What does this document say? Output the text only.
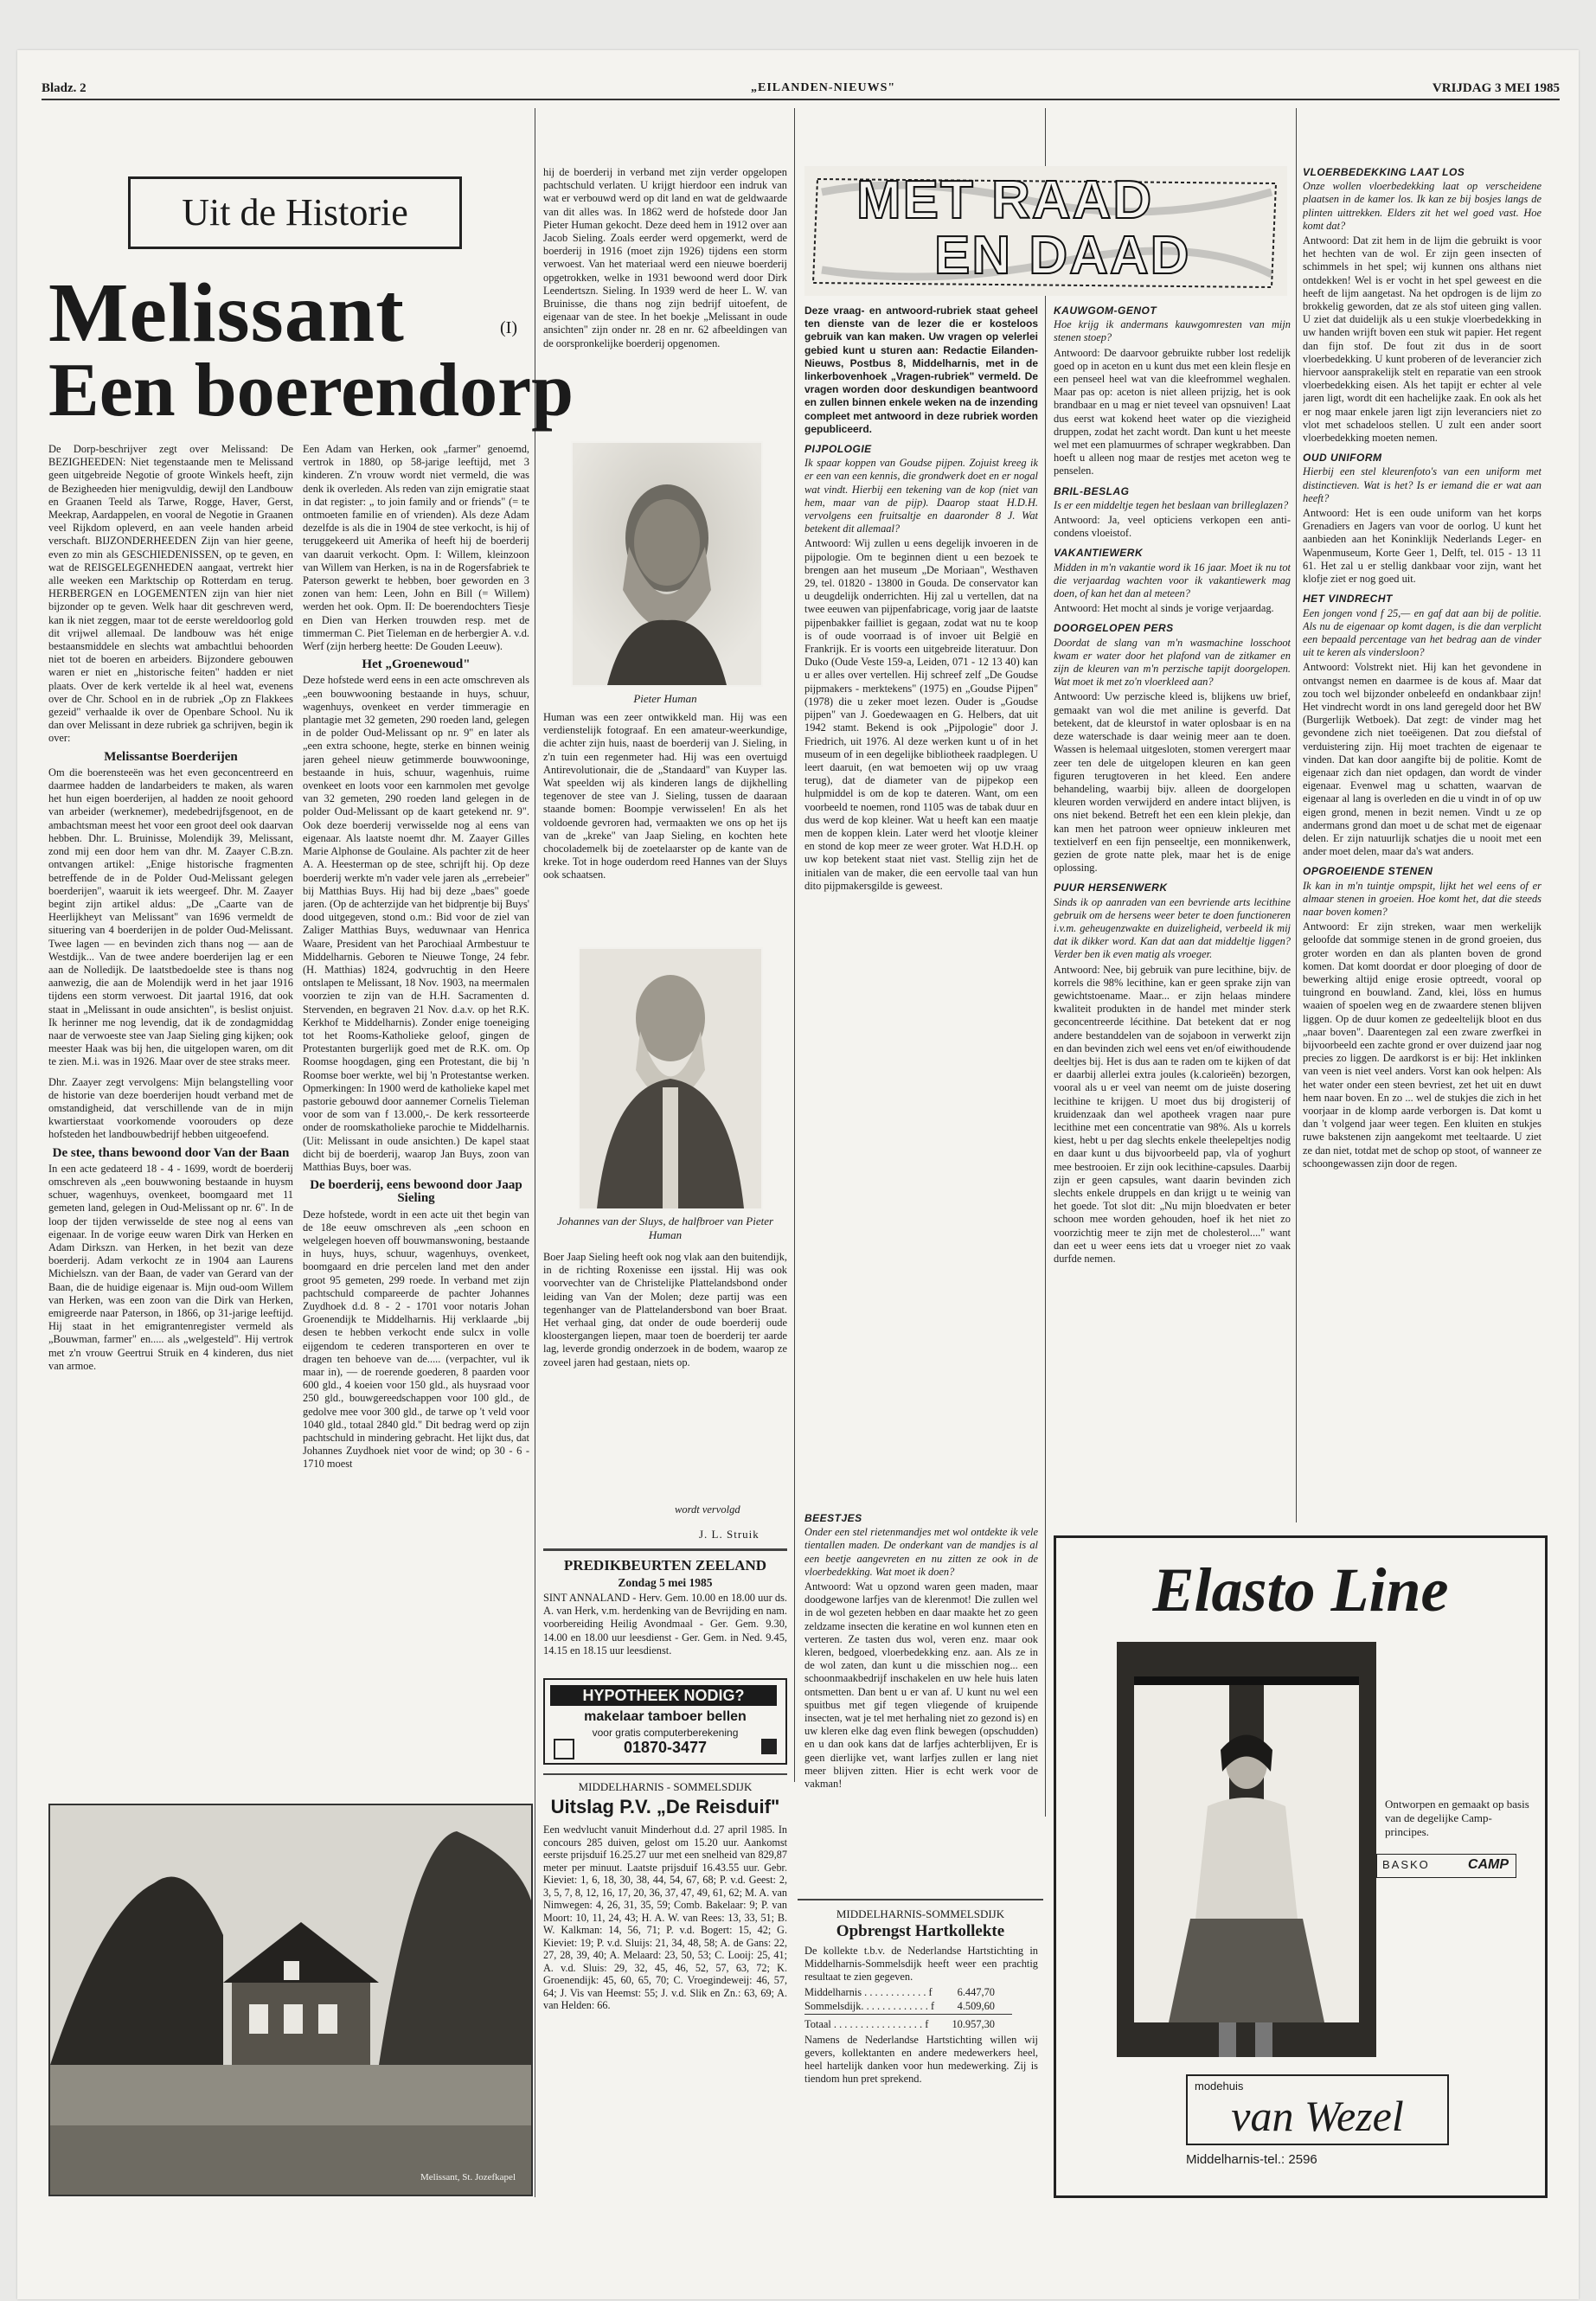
Bladz. 2	„EILANDEN-NIEUWS"	VRIJDAG 3 MEI 1985
Uit de Historie
Melissant
Een boerendorp
(I)

De Dorp-beschrijver zegt over Melissand: De BEZIGHEEDEN: Niet tegenstaande men te Melissand geen uitgebreide Negotie of groote Winkels heeft, zijn de Bezigheeden hier menigvuldig, dewijl den Landbouw en Graanen Teeld als Tarwe, Rogge, Haver, Gerst, Meekrap, Aardappelen, en vooral de Negotie in Graanen veel Rijkdom opleverd, en aan veele handen arbeid verschaft. BIJZONDERHEEDEN Zijn van hier geene, even zo min als GESCHIEDENISSEN, op te geven, en wat de REISGELEGENHEDEN aangaat, vertrekt hier alle weeken een Marktschip op Rotterdam en terug. HERBERGEN en LOGEMENTEN zijn van hier niet bijzonder op te geven. Welk haar dit geschreven werd, kan ik niet zeggen, maar tot de eerste wereldoorlog gold dit vrijwel allemaal. De landbouw was hét enige bestaansmiddele en slechts wat ambachtlui behoorden niet tot de boeren en arbeiders. Bijzondere gebouwen waren er niet en „historische feiten" hadden er niet plaats. Over de kerk vertelde ik al heel wat, evenens over de Chr. School en in de rubriek „Op zn Flakkees gezeid" verhaalde ik over de Openbare School. Nu ik dan over Melissant in deze rubriek ga schrijven, begin ik over:

Melissantse Boerderijen

Om die boerensteeën was het even geconcentreerd en daarmee hadden de landarbeiders te maken, als waren het hun eigen boerderijen, al hadden ze nooit gehoord van arbeider (werknemer), medebedrijfsgenoot, en de ambachtsman meest het voor een groot deel ook daarvan hebben. Dhr. L. Bruinisse, Molendijk 39, Melissant, zond mij een door hem van dhr. M. Zaayer C.B.zn. ontvangen artikel: „Enige historische fragmenten betreffende de in de Polder Oud-Melissant gelegen boerderijen", waaruit ik iets weergeef. Dhr. M. Zaayer begint zijn artikel aldus: „De „Caarte van de Heerlijkheyt van Melissant" van 1696 vermeldt de situering van 4 boerderijen in de polder Oud-Melissant. Twee lagen — en bevinden zich thans nog — aan de Westdijk... Van de twee andere boerderijen lag er een aan de Nolledijk. De laatstbedoelde stee is thans nog aanwezig, die aan de Molendijk werd in het jaar 1916 tijdens een storm verwoest. Dit jaartal 1916, dat ook staat in „Melissant in oude ansichten", is beslist onjuist. Ik herinner me nog levendig, dat ik de zondagmiddag naar de verwoeste stee van Jaap Sieling ging kijken; ook meester Haak was bij hen, die uitgelopen waren, om dit te zien. M.i. was in 1926. Maar over de stee straks meer.

Dhr. Zaayer zegt vervolgens: Mijn belangstelling voor de historie van deze boerderijen houdt verband met de omstandigheid, dat verschillende van de in mijn kwartierstaat voorkomende voorouders op deze hofsteden het landbouwbedrijf hebben uitgeoefend.

De stee, thans bewoond door Van der Baan

In een acte gedateerd 18 - 4 - 1699, wordt de boerderij omschreven als „een bouwwoning bestaande in huysm schuer, wagenhuys, ovenkeet, boomgaard met 11 gemeten land, gelegen in Oud-Melissant op nr. 6". In de loop der tijden verwisselde de stee nog al eens van eigenaar. In de vorige eeuw waren Dirk van Herken en Adam Dirkszn. van Herken, in het bezit van deze boerderij. Adam verkocht ze in 1904 aan Laurens Michielszn. van der Baan, de vader van Gerard van der Baan, die de huidige eigenaar is. Mijn oud-oom Willem van Herken, was een zoon van die Dirk van Herken, emigreerde naar Paterson, in 1866, op 31-jarige leeftijd. Hij staat in het emigrantenregister vermeld als „Bouwman, farmer" en..... als „welgesteld". Hij vertrok met z'n vrouw Geertrui Struik en 4 kinderen, dus niet van armoe.

Een Adam van Herken, ook „farmer" genoemd, vertrok in 1880, op 58-jarige leeftijd, met 3 kinderen. Z'n vrouw wordt niet vermeld, die was denk ik overleden. Als reden van zijn emigratie staat in dat register: „ to join family and or friends" (= te ontmoeten familie en of vrienden). Als deze Adam dezelfde is als die in 1904 de stee verkocht, is hij of teruggekeerd uit Amerika of heeft hij de boerderij van daaruit verkocht. Opm. I: Willem, kleinzoon van Willem van Herken, is na in de Rogersfabriek te Paterson gewerkt te hebben, boer geworden en 3 zonen van hem: Leen, John en Bill (= Willem) werden het ook. Opm. II: De boerendochters Tiesje en Dien van Herken trouwden resp. met de timmerman C. Piet Tieleman en de herbergier A. v.d. Werf (zijn herberg heette: De Gouden Leeuw).

Het „Groenewoud"

Deze hofstede werd eens in een acte omschreven als „een bouwwooning bestaande in huys, schuur, wagenhuys, ovenkeet en verder timmeragie en plantagie met 32 gemeten, 290 roeden land, gelegen in de polder Oud-Melissant op nr. 9" en later als „een extra schoone, hegte, sterke en binnen weinig jaren geheel nieuw getimmerde bouwwooninge, bestaande in huis, schuur, wagenhuis, ruime ovenkeet en loots voor een karnmolen met gevolge van 32 gemeten, 290 roeden land gelegen in de polder Oud-Melissant op de kaart getekend nr. 9". Ook deze boerderij verwisselde nog al eens van eigenaar. Als laatste noemt dhr. M. Zaayer Gilles Marie Alphonse de Goulaine. Als pachter zit de heer A. A. Heesterman op de stee, schrijft hij. Op deze boerderij werkte m'n vader vele jaren als „errebeier" bij Matthias Buys. Hij had bij deze „baes" goede jaren. (Op de achterzijde van het bidprentje bij Buys' dood uitgegeven, stond o.m.: Bid voor de ziel van Zaliger Matthias Buys, weduwnaar van Henrica Waare, President van het Parochiaal Armbestuur te Middelharnis. Geboren te Nieuwe Tonge, 24 febr. (H. Matthias) 1824, godvruchtig in den Heere ontslapen te Melissant, 18 Nov. 1903, na meermalen voorzien te zijn van de H.H. Sacramenten d. Stervenden, en begraven 21 Nov. d.a.v. op het R.K. Kerkhof te Middelharnis). Zonder enige toeneiging tot het Rooms-Katholieke geloof, gingen de Protestanten burgerlijk goed met de R.K. om. Op Roomse hoogdagen, ging een Protestant, die bij 'n Roomse boer werkte, wel bij 'n Protestantse werken. Opmerkingen: In 1900 werd de katholieke kapel met pastorie gebouwd door aannemer Cornelis Tieleman voor de som van f 13.000,-. De kerk ressorteerde onder de roomskatholieke parochie te Middelharnis. (Uit: Melissant in oude ansichten.) De kapel staat dicht bij de boerderij, waarop Jan Buys, zoon van Matthias Buys, boer was.

De boerderij, eens bewoond door Jaap Sieling

Deze hofstede, wordt in een acte uit thet begin van de 18e eeuw omschreven als „een schoon en welgelegen hoeven off bouwmanswoning, bestaande in huys, huys, schuur, wagenhuys, ovenkeet, boomgaard en drie percelen land met den ander groot 95 gemeten, 299 roede. In verband met zijn pachtschuld compareerde de pachter Johannes Zuydhoek d.d. 8 - 2 - 1701 voor notaris Johan Groenendijk te Middelharnis. Hij verklaarde „bij desen te hebben verkocht ende sulcx in volle eijgendom te cederen transporteren en over te dragen ten behoeve van de..... (verpachter, vul ik maar in), — de roerende goederen, 8 paarden voor 600 gld., 4 koeien voor 150 gld., als huysraad voor 250 gld., bouwgereedschappen voor 100 gld., de gedolve mee voor 300 gld., de tarwe op 't veld voor 1040 gld., totaal 2840 gld." Dit bedrag werd op zijn pachtschuld in mindering gebracht. Het lijkt dus, dat Johannes Zuydhoek niet voor de wind; op 30 - 6 - 1710 moest

hij de boerderij in verband met zijn verder opgelopen pachtschuld verlaten. U krijgt hierdoor een indruk van wat er verbouwd werd op dit land en wat de geldwaarde van dit alles was. In 1862 werd de hofstede door Jan Pieter Human gekocht. Deze deed hem in 1912 over aan Jacob Sieling. Zoals eerder werd opgemerkt, werd de boerderij in 1916 (moet zijn 1926) tijdens een storm verwoest. Van het materiaal werd een nieuwe boerderij opgetrokken, welke in 1931 bewoond werd door Dirk Leendertszn. Sieling. In 1939 werd de heer L. W. van Bruinisse, die thans nog zijn bedrijf uitoefent, de eigenaar van de stee. In het boekje „Melissant in oude ansichten" zijn onder nr. 28 en nr. 62 afbeeldingen van de oorspronkelijke boerderij opgenomen.

Pieter Human

Human was een zeer ontwikkeld man. Hij was een verdienstelijk fotograaf. En een amateur-weerkundige, die achter zijn huis, naast de boerderij van J. Sieling, in z'n tuin een regenmeter had. Hij was een overtuigd Antirevolutionair, die de „Standaard" van Kuyper las. Wat speelden wij als kinderen langs de dijkhelling tegenover de stee van J. Sieling, tussen de daaraan staande bomen: Boompje verwisselen! En als het voldoende gevroren had, vermaakten we ons op het ijs van de „kreke" van Jaap Sieling, en kochten hete chocolademelk bij de zoetelaarster op de kante van de kreke. Tot in hoge ouderdom reed Hannes van der Sluys ook schaatsen.

Johannes van der Sluys, de halfbroer van Pieter Human

Boer Jaap Sieling heeft ook nog vlak aan den buitendijk, in de richting Roxenisse een ijsstal. Hij was ook voorvechter van de Christelijke Plattelandsbond onder leiding van Van der Molen; deze partij was een tegenhanger van de Plattelandersbond van boer Braat. Het verhaal ging, dat onder de oude boerderij oude kloostergangen liepen, maar toen de boerderij ter aarde lag, leverde grondig onderzoek in de bodem, waarop ze zoveel jaren had gestaan, niets op.

wordt vervolgd
J. L. Struik
Melissant, St. Jozefkapel
PREDIKBEURTEN ZEELAND
Zondag 5 mei 1985

SINT ANNALAND - Herv. Gem. 10.00 en 18.00 uur ds. A. van Herk, v.m. herdenking van de Bevrijding en nam. voorbereiding Heilig Avondmaal - Ger. Gem. 9.30, 14.00 en 18.00 uur leesdienst - Ger. Gem. in Ned. 9.45, 14.15 en 18.15 uur leesdienst.

HYPOTHEEK NODIG?
makelaar tamboer bellen
voor gratis computerberekening
01870-3477
MIDDELHARNIS - SOMMELSDIJK
Uitslag P.V. „De Reisduif"

Een wedvlucht vanuit Minderhout d.d. 27 april 1985. In concours 285 duiven, gelost om 15.20 uur. Aankomst eerste prijsduif 16.25.27 uur met een snelheid van 829,87 meter per minuut. Laatste prijsduif 16.43.55 uur. Gebr. Kieviet: 1, 6, 18, 30, 38, 44, 54, 67, 68; P. v.d. Geest: 2, 3, 5, 7, 8, 12, 16, 17, 20, 36, 37, 47, 49, 61, 62; M. A. van Nimwegen: 4, 26, 31, 35, 59; Comb. Bakelaar: 9; P. van Moort: 10, 11, 24, 43; H. A. W. van Rees: 13, 33, 51; B. W. Kalkman: 14, 56, 71; P. v.d. Bogert: 15, 42; G. Kieviet: 19; P. v.d. Sluijs: 21, 34, 48, 58; A. de Gans: 22, 27, 28, 39, 40; A. Melaard: 23, 50, 53; C. Looij: 25, 41; A. v.d. Sluis: 29, 32, 45, 46, 52, 57, 63, 72; K. Groenendijk: 45, 60, 65, 70; C. Vroegindeweij: 46, 57, 64; J. Vis van Heemst: 55; J. v.d. Slik en Zn.: 63, 69; A. van Helden: 66.

MET RAAD
EN DAAD

Deze vraag- en antwoord-rubriek staat geheel ten dienste van de lezer die er kosteloos gebruik van kan maken. Uw vragen op velerlei gebied kunt u sturen aan: Redactie Eilanden-Nieuws, Postbus 8, Middelharnis, met in de linkerbovenhoek „Vragen-rubriek" vermeld. De vragen worden door deskundigen beantwoord en zullen binnen enkele weken na de inzending compleet met antwoord in deze rubriek worden gepubliceerd.

PIJPOLOGIE

Ik spaar koppen van Goudse pijpen. Zojuist kreeg ik er een van een kennis, die grondwerk doet en er nogal wat vindt. Hierbij een tekening van de kop (niet van hem, maar van de pijp). Daarop staat H.D.H. vervolgens een fruitsaltje en daaronder 8 J. Wat betekent dit allemaal?

Antwoord: Wij zullen u eens degelijk invoeren in de pijpologie. Om te beginnen dient u een bezoek te brengen aan het museum „De Moriaan", Westhaven 29, tel. 01820 - 13800 in Gouda. De conservator kan u deugdelijk onderrichten. Hij zal u vertellen, dat na twee eeuwen van pijpenfabricage, vorig jaar de laatste pijpenbakker failliet is gegaan, zodat wat nu te koop is of oude voorraad is of invoer uit België en Frankrijk. Er is voorts een uitgebreide literatuur. Don Duko (Oude Veste 159-a, Leiden, 071 - 12 13 40) kan u er alles over vertellen. Hij schreef zelf „De Goudse pijpmakers - merktekens" (1975) en „Goudse Pijpen" (1978) die u zeker moet lezen. Ouder is „Goudse pijpen" van J. Goedewaagen en G. Helbers, dat uit 1942 stamt. Bekend is ook „Pijpologie" door J. Friedrich, uit 1976. Al deze werken kunt u of in het museum of in een degelijke bibliotheek raadplegen. U leert daaruit, (en wat bemoeten wij op uw vraag terug), dat de diameter van de pijpekop een hulpmiddel is om de kop te dateren. Want, om een voorbeeld te noemen, rond 1105 was de tabak duur en dus werd de kop kleiner. Wat u heeft kan een maatje men de koppen klein. Later werd het vlootje kleiner en stond de kop meer ze weer groter. Wat H.D.H. op uw kop betekent staat niet vast. Stellig zijn het de initialen van de maker, die een eervolle taal van hun dito pijpmakersgilde is geweest.

BEESTJES

Onder een stel rietenmandjes met wol ontdekte ik vele tientallen maden. De onderkant van de mandjes is al een beetje aangevreten en nu zitten ze ook in de vloerbedekking. Wat moet ik doen?

Antwoord: Wat u opzond waren geen maden, maar doodgewone larfjes van de klerenmot! Die zullen wel in de wol gezeten hebben en daar maakte het zo geen zeldzame insecten die keratine en wol kunnen eten en verteren. Ze tasten dus wol, veren enz. maar ook kleren, bedgoed, vloerbedekking enz. aan. Als ze in de wol zaten, dan kunt u die misschien nog... een schoonmaakbedrijf inschakelen en uw hele huis laten ontsmetten. Dan bent u er van af. U kunt nu wel een spuitbus met gif tegen vliegende of kruipende insecten, wat je tel met herhaling niet zo gezond is) en uw kleren elke dag even flink bewegen (opschudden) en u dan ook kans dat de larfjes achterblijven, Er is geen dierlijke vet, want larfjes zullen er lang niet meer blijven zitten. Hier is echt werk voor de vakman!

KAUWGOM-GENOT

Hoe krijg ik andermans kauwgomresten van mijn stenen stoep?

Antwoord: De daarvoor gebruikte rubber lost redelijk goed op in aceton en u kunt dus met een klein flesje en een penseel heel wat van die kleefrommel weghalen. Maar pas op: aceton is niet alleen prijzig, het is ook brandbaar en u mag er niet teveel van opsnuiven! Laat dus eerst wat kokend heet water op die viezigheid druppen, zodat het zacht wordt. Dan kunt u het meeste wel met een plamuurmes of schraper wegkrabben. Dan hoeft u alleen nog maar de restjes met aceton weg te penselen.

BRIL-BESLAG

Is er een middeltje tegen het beslaan van brilleglazen?

Antwoord: Ja, veel opticiens verkopen een anti-condens vloeistof.

VAKANTIEWERK

Midden in m'n vakantie word ik 16 jaar. Moet ik nu tot die verjaardag wachten voor ik vakantiewerk mag doen, of kan het dan al meteen?

Antwoord: Het mocht al sinds je vorige verjaardag.

DOORGELOPEN PERS

Doordat de slang van m'n wasmachine losschoot kwam er water door het plafond van de zitkamer en zijn de kleuren van m'n perzische tapijt doorgelopen. Wat moet ik met zo'n vloerkleed aan?

Antwoord: Uw perzische kleed is, blijkens uw brief, gemaakt van wol die met aniline is geverfd. Dat betekent, dat de kleurstof in water oplosbaar is en na deze waterschade is daar weinig meer aan te doen. Wassen is helemaal uitgesloten, stomen verergert maar zeer ten dele de uitgelopen kleuren en kan geen figuren terugtoveren in het kleed. Een andere behandeling, waarbij bijv. alleen de doorgelopen kleuren worden verwijderd en andere intact blijven, is ons niet bekend. Betreft het een een klein plekje, dan kan men het patroon weer opnieuw inkleuren met textielverf en een fijn penseeltje, een monnikenwerk, gezien de grote natte plek, maar het is de enige oplossing.

PUUR HERSENWERK

Sinds ik op aanraden van een bevriende arts lecithine gebruik om de hersens weer beter te doen functioneren i.v.m. geheugenzwakte en duizeligheid, verbeeld ik mij dat ik dikker word. Kan dat aan dat middeltje liggen? Verder ben ik even matig als vroeger.

Antwoord: Nee, bij gebruik van pure lecithine, bijv. de korrels die 98% lecithine, kan er geen sprake zijn van gewichtstoename. Maar... er zijn helaas mindere kwaliteit produkten in de handel met minder sterk geconcentreerde lécithine. Dat betekent dat er nog andere bestanddelen van de sojaboon in verwerkt zijn en dan bevinden zich wel eens vet en/of eiwithoudende deeltjes bij. Het is dus aan te raden om te kijken of dat er daarbij allerlei extra joules (k.calorieën) bezorgen, vooral als u er veel van neemt om de juiste dosering lecithine te krijgen. U moet dus bij drogisterij of kruidenzaak dan wel apotheek vragen naar pure lecithine met een concentratie van 98%. Als u korrels kiest, hebt u per dag slechts enkele theelepeltjes nodig en daar kunt u dus bijvoorbeeld pap, vla of yoghurt mee bestrooien. Er zijn ook lecithine-capsules. Daarbij zijn er geen capsules, want daarin bevinden zich slechts enkele druppels en dan krijgt u te weinig van het goede. Tot slot dit: „Nu mijn bloedvaten er beter schoon mee worden gehouden, hoef ik het niet zo voorzichtig meer te zijn met de cholesterol...." want dan eet u weer eens iets dat u vroeger niet zo vaak durfde nemen.

VLOERBEDEKKING LAAT LOS

Onze wollen vloerbedekking laat op verscheidene plaatsen in de kamer los. Ik kan ze bij bosjes langs de plinten uittrekken. Elders zit het wel goed vast. Hoe komt dat?

Antwoord: Dat zit hem in de lijm die gebruikt is voor het hechten van de wol. Er zijn geen insecten of schimmels in het spel; wij kunnen ons althans niet ontdekken! Wel is er vocht in het spel geweest en die heeft de lijm aangetast. Na het opdrogen is de lijm zo brokkelig geworden, dat ze als stof uiteen ging vallen. U ziet dat duidelijk als u een stukje vloerbedekking in uw handen wrijft boven een stuk wit papier. Het regent dan fijn stof. De fout zit dus in de soort vloerbedekking. U kunt proberen of de leverancier zich hiervoor aansprakelijk stelt en reparatie van een strook vloerbedekking eisen. Als het tapijt er echter al vele jaren ligt, wordt dit een hachelijke zaak. En ook als het er nog maar enkele jaren ligt zijn leveranciers niet zo vlot met schadeloos stellen. U zult een ander soort vloerbedekking moeten nemen.

OUD UNIFORM

Hierbij een stel kleurenfoto's van een uniform met distinctieven. Wat is het? Is er iemand die er wat aan heeft?

Antwoord: Het is een oude uniform van het korps Grenadiers en Jagers van voor de oorlog. U kunt het aanbieden aan het Koninklijk Nederlands Leger- en Wapenmuseum, Korte Geer 1, Delft, tel. 015 - 13 11 61. Het zal u er stellig dankbaar voor zijn, want het klofje ziet er nog goed uit.

HET VINDRECHT

Een jongen vond f 25,— en gaf dat aan bij de politie. Als nu de eigenaar op komt dagen, is die dan verplicht een bepaald percentage van het bedrag aan de vinder uit te keren als vindersloon?

Antwoord: Volstrekt niet. Hij kan het gevondene in ontvangst nemen en daarmee is de kous af. Maar dat zou toch wel bijzonder onbeleefd en ondankbaar zijn! Het vindrecht wordt in ons land geregeld door het BW (Burgerlijk Wetboek). Dat zegt: de vinder mag het gevondene zich niet toeëigenen. Dat zou diefstal of verduistering zijn. Hij moet trachten de eigenaar te vinden. Dat kan door aangifte bij de politie. Komt de eigenaar zich dan niet opdagen, dan wordt de vinder eigenaar. Evenwel mag u schatten, waarvan de eigenaar al lang is overleden en die u vindt in of op uw eigen grond, menen in bezit nemen. Vindt u ze op andermans grond dan moet u de schat met de eigenaar delen. Er zijn natuurlijk schatjes die u nooit met een ander moet delen, maar da's wat anders.

OPGROEIENDE STENEN

Ik kan in m'n tuintje ompspit, lijkt het wel eens of er almaar stenen in groeien. Hoe komt het, dat die steeds naar boven komen?

Antwoord: Er zijn streken, waar men werkelijk geloofde dat sommige stenen in de grond groeien, dus groter worden en dan als planten boven de grond komen. Dat komt doordat er door ploeging of door de bewerking altijd enige erosie optreedt, vooral op tuingrond en bouwland. Zand, klei, löss en humus waaien of spoelen weg en de zwaardere stenen blijven liggen. Op de duur komen ze gedeeltelijk bloot en dus „naar boven". Daarentegen zal een zware zwerfkei in bijvoorbeeld een zachte grond er over duizend jaar nog precies zo liggen. De aardkorst is er bij: Het inklinken van veen is niet veel anders. Vorst kan ook helpen: Als het water onder een steen bevriest, zet het uit en duwt hem naar boven. En zo ... wel de stukjes die zich in het voorjaar in de klomp aarde verborgen is. Dat komt u dan 't volgend jaar weer tegen. Een kluiten en stukjes ruwe bakstenen zijn aangekomt met teeltaarde. U ziet ze dan niet, totdat met de schop op stoot, of wanneer ze schoongewassen zijn door de regen.

MIDDELHARNIS-SOMMELSDIJK
Opbrengst Hartkollekte

De kollekte t.b.v. de Nederlandse Hartstichting in Middelharnis-Sommelsdijk heeft weer een prachtig resultaat te zien gegeven.

Middelharnis . . . . . . . . . . . . f 6.447,70
Sommelsdijk. . . . . . . . . . . . . f 4.509,60
Totaal . . . . . . . . . . . . . . . . . f 10.957,30

Namens de Nederlandse Hartstichting willen wij gevers, kollektanten en andere medewerkers heel, heel hartelijk danken voor hun medewerking. Zij is tiendom hun pret sprekend.

Elasto Line
Ontworpen en gemaakt op basis van de degelijke Camp-principes.
BASKO	CAMP
modehuis
van Wezel
Middelharnis-tel.: 2596
